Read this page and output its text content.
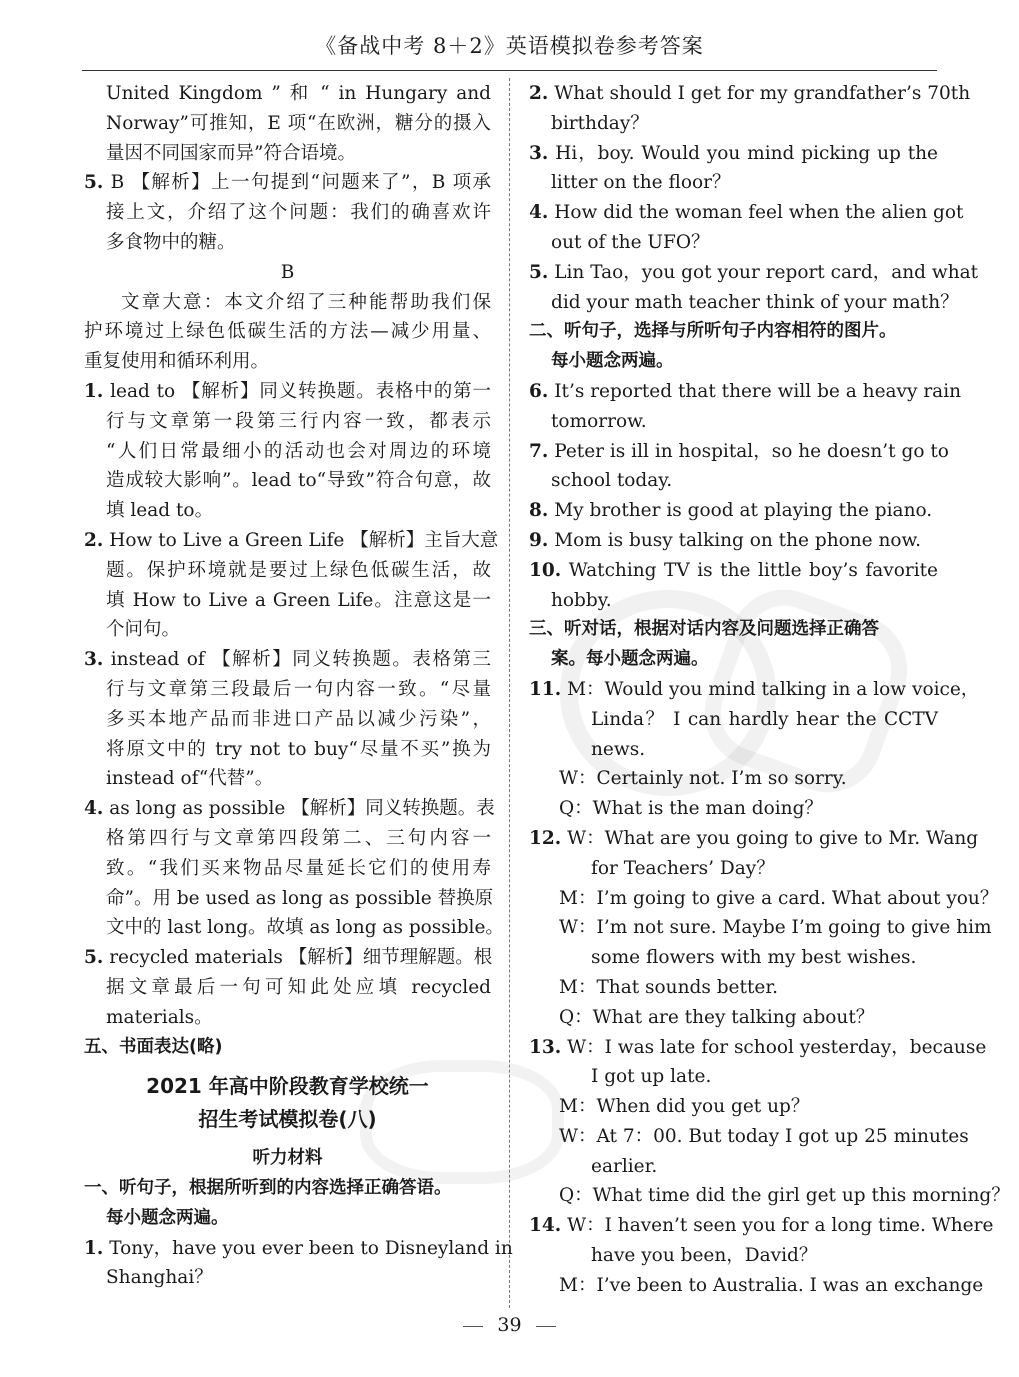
《备战中考 8＋2》英语模拟卷参考答案
United Kingdom ” 和 “ in Hungary and
Norway”可推知，E 项“在欧洲，糖分的摄入
量因不同国家而异”符合语境。
5. B 【解析】上一句提到“问题来了”，B 项承
接上文，介绍了这个问题：我们的确喜欢许
多食物中的糖。
B
文章大意：本文介绍了三种能帮助我们保
护环境过上绿色低碳生活的方法—减少用量、
重复使用和循环利用。
1. lead to 【解析】同义转换题。表格中的第一
行与文章第一段第三行内容一致，都表示
“人们日常最细小的活动也会对周边的环境
造成较大影响”。lead to“导致”符合句意，故
填 lead to。
2. How to Live a Green Life 【解析】主旨大意
题。保护环境就是要过上绿色低碳生活，故
填 How to Live a Green Life。注意这是一
个问句。
3. instead of 【解析】同义转换题。表格第三
行与文章第三段最后一句内容一致。“尽量
多买本地产品而非进口产品以减少污染”，
将原文中的 try not to buy“尽量不买”换为
instead of“代替”。
4. as long as possible 【解析】同义转换题。表
格第四行与文章第四段第二、三句内容一
致。“我们买来物品尽量延长它们的使用寿
命”。用 be used as long as possible 替换原
文中的 last long。故填 as long as possible。
5. recycled materials 【解析】细节理解题。根
据文章最后一句可知此处应填 recycled
materials。
五、书面表达(略)
2021 年高中阶段教育学校统一
招生考试模拟卷(八)
听力材料
一、听句子，根据所听到的内容选择正确答语。
每小题念两遍。
1. Tony，have you ever been to Disneyland in
Shanghai？
2. What should I get for my grandfather’s 70th
birthday？
3. Hi，boy. Would you mind picking up the
litter on the floor？
4. How did the woman feel when the alien got
out of the UFO？
5. Lin Tao，you got your report card，and what
did your math teacher think of your math？
二、听句子，选择与所听句子内容相符的图片。
每小题念两遍。
6. It’s reported that there will be a heavy rain
tomorrow.
7. Peter is ill in hospital，so he doesn’t go to
school today.
8. My brother is good at playing the piano.
9. Mom is busy talking on the phone now.
10. Watching TV is the little boy’s favorite
hobby.
三、听对话，根据对话内容及问题选择正确答
案。每小题念两遍。
11. M：Would you mind talking in a low voice，
Linda？ I can hardly hear the CCTV
news.
W：Certainly not. I’m so sorry.
Q：What is the man doing？
12. W：What are you going to give to Mr. Wang
for Teachers’ Day？
M：I’m going to give a card. What about you？
W：I’m not sure. Maybe I’m going to give him
some flowers with my best wishes.
M：That sounds better.
Q：What are they talking about？
13. W：I was late for school yesterday，because
I got up late.
M：When did you get up？
W：At 7：00. But today I got up 25 minutes
earlier.
Q：What time did the girl get up this morning？
14. W：I haven’t seen you for a long time. Where
have you been，David？
M：I’ve been to Australia. I was an exchange
39
